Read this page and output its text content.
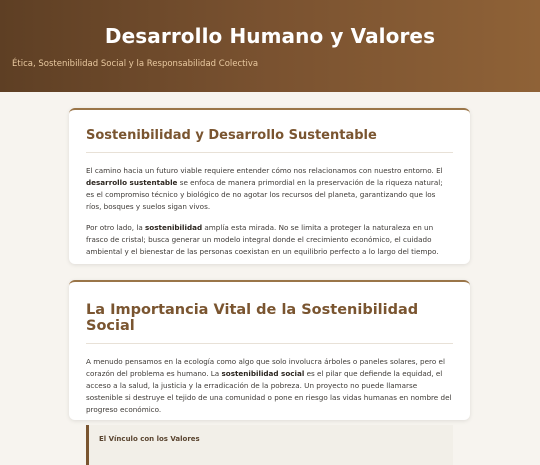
Desarrollo Humano y Valores
Ética, Sostenibilidad Social y la Responsabilidad Colectiva
Sostenibilidad y Desarrollo Sustentable

El camino hacia un futuro viable requiere entender cómo nos relacionamos con nuestro entorno. El desarrollo sustentable se enfoca de manera primordial en la preservación de la riqueza natural; es el compromiso técnico y biológico de no agotar los recursos del planeta, garantizando que los ríos, bosques y suelos sigan vivos.

Por otro lado, la sostenibilidad amplía esta mirada. No se limita a proteger la naturaleza en un frasco de cristal; busca generar un modelo integral donde el crecimiento económico, el cuidado ambiental y el bienestar de las personas coexistan en un equilibrio perfecto a lo largo del tiempo.

La Importancia Vital de la Sostenibilidad Social

A menudo pensamos en la ecología como algo que solo involucra árboles o paneles solares, pero el corazón del problema es humano. La sostenibilidad social es el pilar que defiende la equidad, el acceso a la salud, la justicia y la erradicación de la pobreza. Un proyecto no puede llamarse sostenible si destruye el tejido de una comunidad o pone en riesgo las vidas humanas en nombre del progreso económico.

El Vínculo con los Valores
